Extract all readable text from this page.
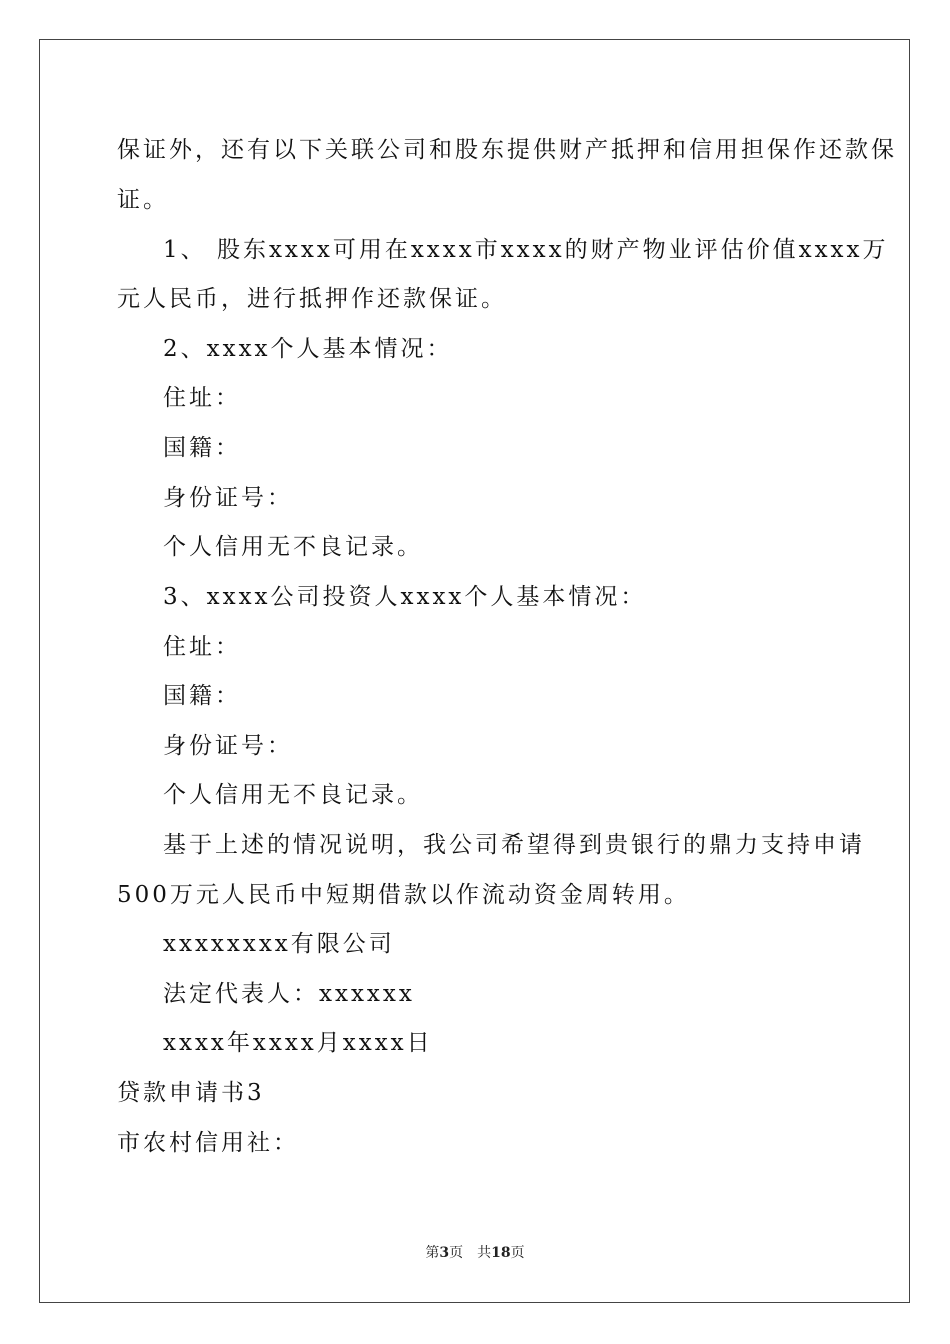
保证外，还有以下关联公司和股东提供财产抵押和信用担保作还款保
证。
1、 股东xxxx可用在xxxx市xxxx的财产物业评估价值xxxx万
元人民币，进行抵押作还款保证。
2、xxxx个人基本情况：
住址：
国籍：
身份证号：
个人信用无不良记录。
3、xxxx公司投资人xxxx个人基本情况：
住址：
国籍：
身份证号：
个人信用无不良记录。
基于上述的情况说明，我公司希望得到贵银行的鼎力支持申请
500万元人民币中短期借款以作流动资金周转用。
xxxxxxxx有限公司
法定代表人：xxxxxx
xxxx年xxxx月xxxx日
贷款申请书3
市农村信用社：
第3页 共18页
